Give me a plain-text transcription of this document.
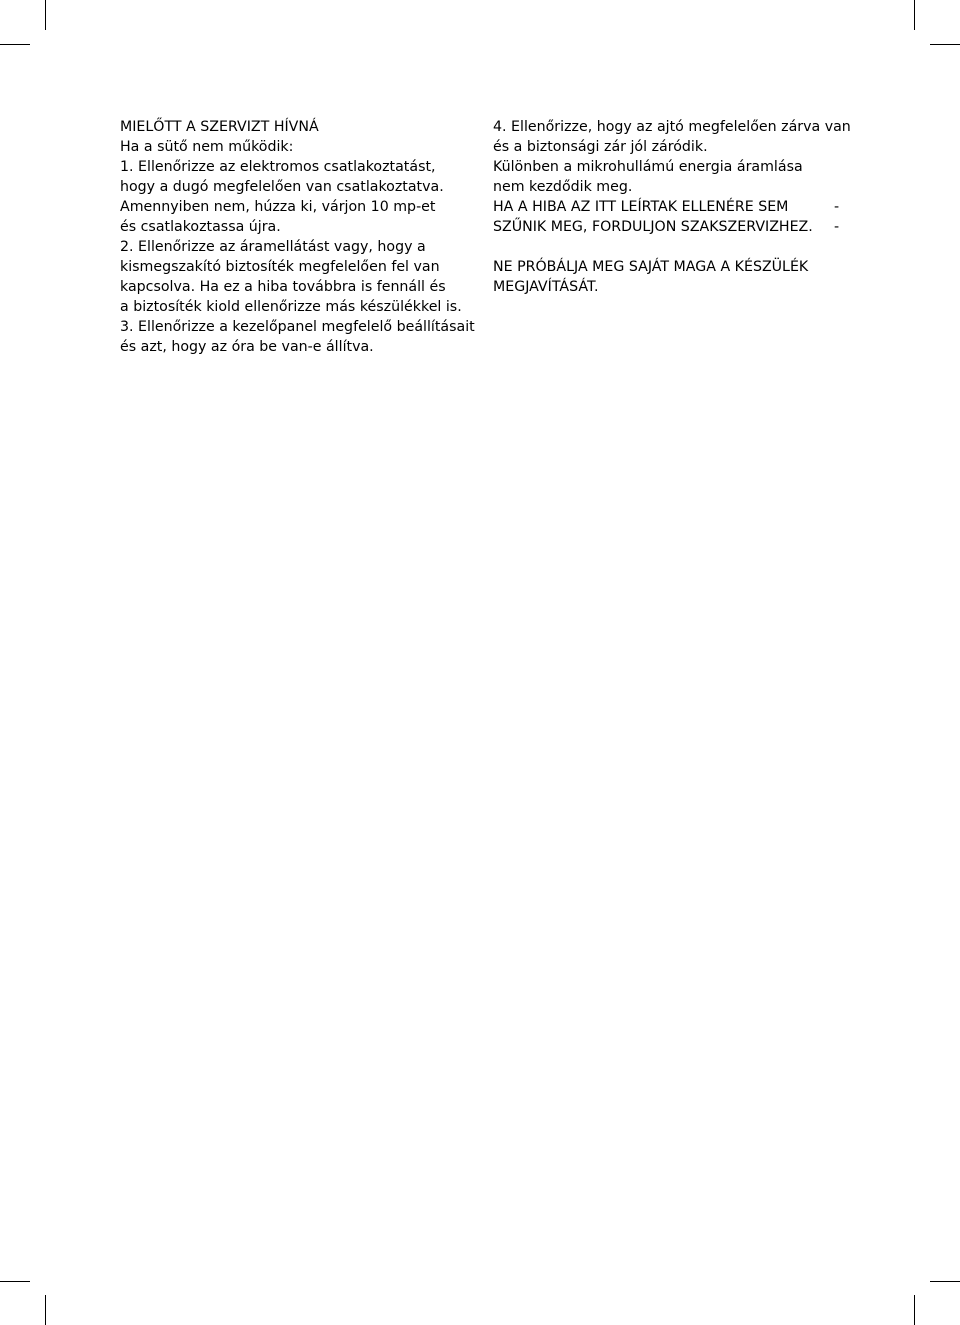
MIELŐTT A SZERVIZT HÍVNÁ
Ha a sütő nem működik:
1. Ellenőrizze az elektromos csatlakoztatást,
hogy a dugó megfelelően van csatlakoztatva.
Amennyiben nem, húzza ki, várjon 10 mp-et
és csatlakoztassa újra.
2. Ellenőrizze az áramellátást vagy, hogy a
kismegszakító biztosíték megfelelően fel van
kapcsolva. Ha ez a hiba továbbra is fennáll és
a biztosíték kiold ellenőrizze más készülékkel is.
3. Ellenőrizze a kezelőpanel megfelelő beállításait
és azt, hogy az óra be van-e állítva.
4. Ellenőrizze, hogy az ajtó megfelelően zárva van
és a biztonsági zár jól záródik.
Különben a mikrohullámú energia áramlása
nem kezdődik meg.
HA A HIBA AZ ITT LEÍRTAK ELLENÉRE SEM	-
SZŰNIK MEG, FORDULJON SZAKSZERVIZHEZ.	-
NE PRÓBÁLJA MEG SAJÁT MAGA A KÉSZÜLÉK
MEGJAVÍTÁSÁT.
